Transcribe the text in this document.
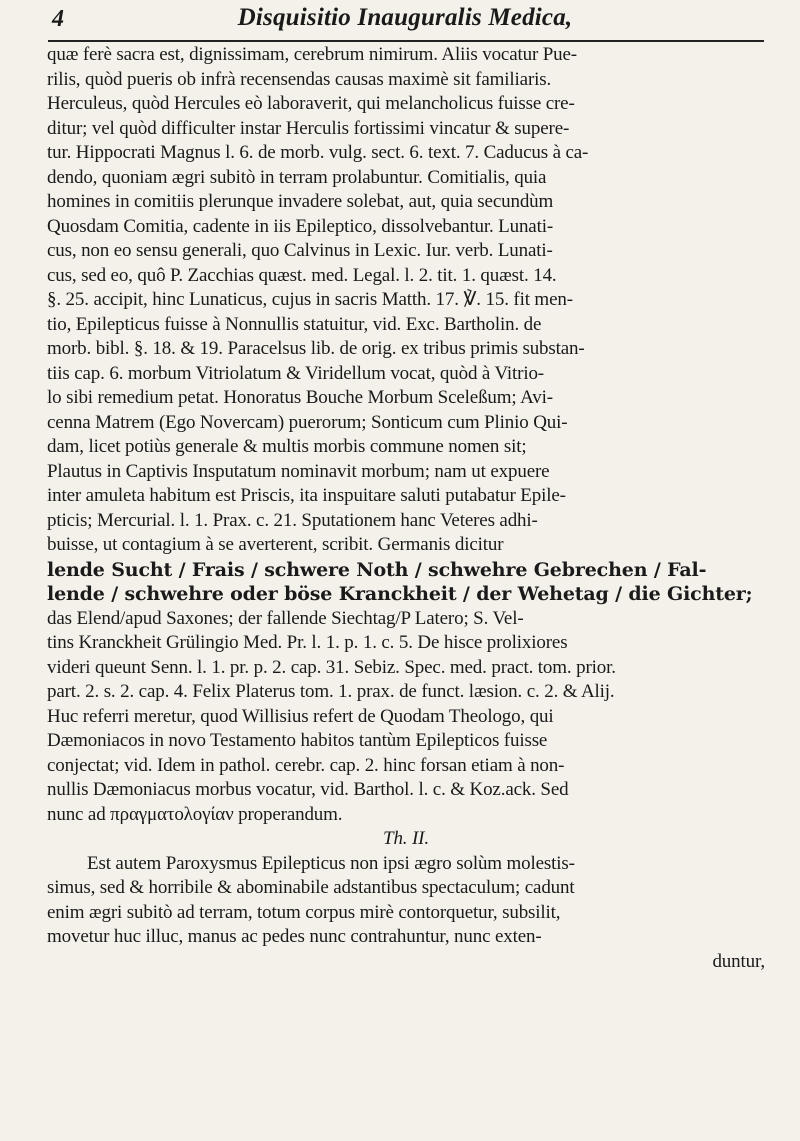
4	Disquisitio Inauguralis Medica,
quæ ferè sacra est, dignissimam, cerebrum nimirum. Aliis vocatur Pue-
rilis, quòd pueris ob infrà recensendas causas maximè sit familiaris.
Herculeus, quòd Hercules eò laboraverit, qui melancholicus fuisse cre-
ditur; vel quòd difficulter instar Herculis fortissimi vincatur & supere-
tur. Hippocrati Magnus l. 6. de morb. vulg. sect. 6. text. 7. Caducus à ca-
dendo, quoniam ægri subitò in terram prolabuntur. Comitialis, quia
homines in comitiis plerunque invadere solebat, aut, quia secundùm
Quosdam Comitia, cadente in iis Epileptico, dissolvebantur. Lunati-
cus, non eo sensu generali, quo Calvinus in Lexic. Iur. verb. Lunati-
cus, sed eo, quô P. Zacchias quæst. med. Legal. l. 2. tit. 1. quæst. 14.
§. 25. accipit, hinc Lunaticus, cujus in sacris Matth. 17. ℣. 15. fit men-
tio, Epilepticus fuisse à Nonnullis statuitur, vid. Exc. Bartholin. de
morb. bibl. §. 18. & 19. Paracelsus lib. de orig. ex tribus primis substan-
tiis cap. 6. morbum Vitriolatum & Viridellum vocat, quòd à Vitrio-
lo sibi remedium petat. Honoratus Bouche Morbum Sceleßum; Avi-
cenna Matrem (Ego Novercam) puerorum; Sonticum cum Plinio Qui-
dam, licet potiùs generale & multis morbis commune nomen sit;
Plautus in Captivis Insputatum nominavit morbum; nam ut expuere
inter amuleta habitum est Priscis, ita inspuitare saluti putabatur Epile-
pticis; Mercurial. l. 1. Prax. c. 21. Sputationem hanc Veteres adhi-
buisse, ut contagium à se averterent, scribit. Germanis dicitur
lende Sucht / Frais / schwere Noth / schwehre Gebrechen / Fal-
lende / schwehre oder böse Kranckheit / der Wehetag / die Gichter;
das Elend/apud Saxones; der fallende Siechtag/P Latero; S. Vel-
tins Kranckheit Grülingio Med. Pr. l. 1. p. 1. c. 5. De hisce prolixiores
videri queunt Senn. l. 1. pr. p. 2. cap. 31. Sebiz. Spec. med. pract. tom. prior.
part. 2. s. 2. cap. 4. Felix Platerus tom. 1. prax. de funct. læsion. c. 2. & Alij.
Huc referri meretur, quod Willisius refert de Quodam Theologo, qui
Dæmoniacos in novo Testamento habitos tantùm Epilepticos fuisse
conjectat; vid. Idem in pathol. cerebr. cap. 2. hinc forsan etiam à non-
nullis Dæmoniacus morbus vocatur, vid. Barthol. l. c. & Koz.ack. Sed
nunc ad πραγματολογίαν properandum.
Th. II.
Est autem Paroxysmus Epilepticus non ipsi ægro solùm molestis-
simus, sed & horribile & abominabile adstantibus spectaculum; cadunt
enim ægri subitò ad terram, totum corpus mirè contorquetur, subsilit,
movetur huc illuc, manus ac pedes nunc contrahuntur, nunc exten-
duntur,
